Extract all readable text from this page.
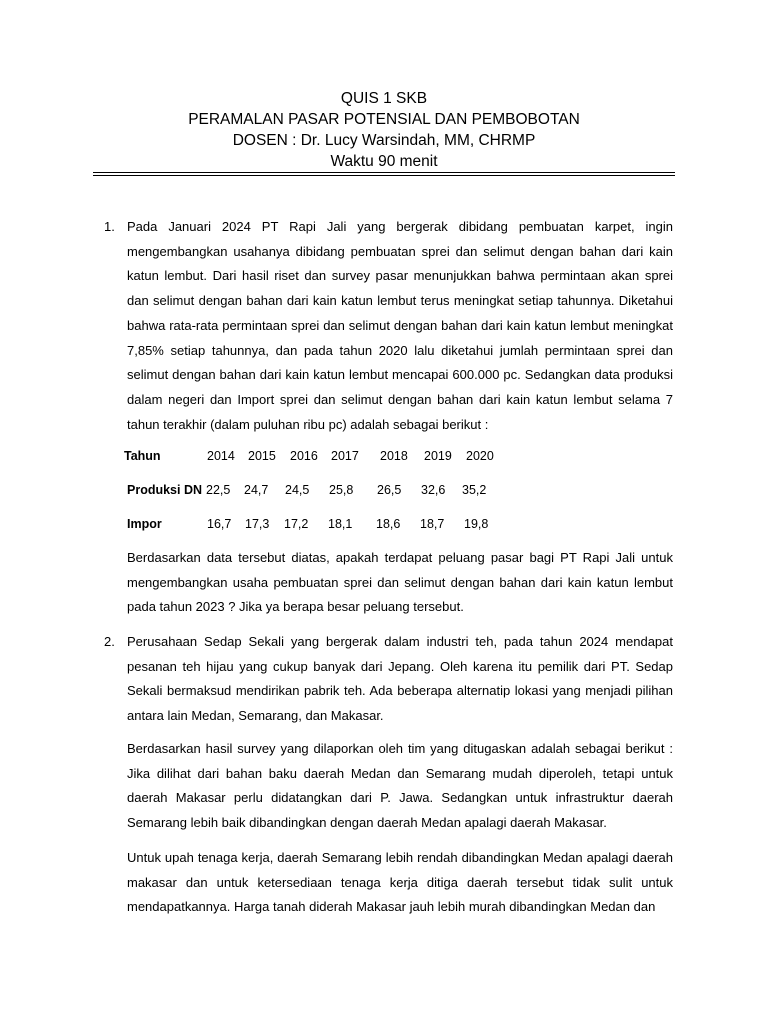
QUIS 1 SKB
PERAMALAN PASAR POTENSIAL DAN PEMBOBOTAN
DOSEN : Dr. Lucy Warsindah, MM, CHRMP
Waktu 90 menit
1. Pada Januari 2024 PT Rapi Jali yang bergerak dibidang pembuatan karpet, ingin mengembangkan usahanya dibidang pembuatan sprei dan selimut dengan bahan dari kain katun lembut. Dari hasil riset dan survey pasar menunjukkan bahwa permintaan akan sprei dan selimut dengan bahan dari kain katun lembut terus meningkat setiap tahunnya. Diketahui bahwa rata-rata permintaan sprei dan selimut dengan bahan dari kain katun lembut meningkat 7,85% setiap tahunnya, dan pada tahun 2020 lalu diketahui jumlah permintaan sprei dan selimut dengan bahan dari kain katun lembut mencapai 600.000 pc. Sedangkan data produksi dalam negeri dan Import sprei dan selimut dengan bahan dari kain katun lembut selama 7 tahun terakhir (dalam puluhan ribu pc) adalah sebagai berikut :
Tahun	2014 2015 2016 2017 2018 2019 2020
Produksi DN 22,5 24,7 24,5 25,8 26,5 32,6 35,2
Impor	16,7 17,3 17,2 18,1 18,6 18,7 19,8
Berdasarkan data tersebut diatas, apakah terdapat peluang pasar bagi PT Rapi Jali untuk mengembangkan usaha pembuatan sprei dan selimut dengan bahan dari kain katun lembut pada tahun 2023 ? Jika ya berapa besar peluang tersebut.
2. Perusahaan Sedap Sekali yang bergerak dalam industri teh, pada tahun 2024 mendapat pesanan teh hijau yang cukup banyak dari Jepang. Oleh karena itu pemilik dari PT. Sedap Sekali bermaksud mendirikan pabrik teh. Ada beberapa alternatip lokasi yang menjadi pilihan antara lain Medan, Semarang, dan Makasar.
Berdasarkan hasil survey yang dilaporkan oleh tim yang ditugaskan adalah sebagai berikut : Jika dilihat dari bahan baku daerah Medan dan Semarang mudah diperoleh, tetapi untuk daerah Makasar perlu didatangkan dari P. Jawa. Sedangkan untuk infrastruktur daerah Semarang lebih baik dibandingkan dengan daerah Medan apalagi daerah Makasar.
Untuk upah tenaga kerja, daerah Semarang lebih rendah dibandingkan Medan apalagi daerah makasar dan untuk ketersediaan tenaga kerja ditiga daerah tersebut tidak sulit untuk mendapatkannya. Harga tanah diderah Makasar jauh lebih murah dibandingkan Medan dan
